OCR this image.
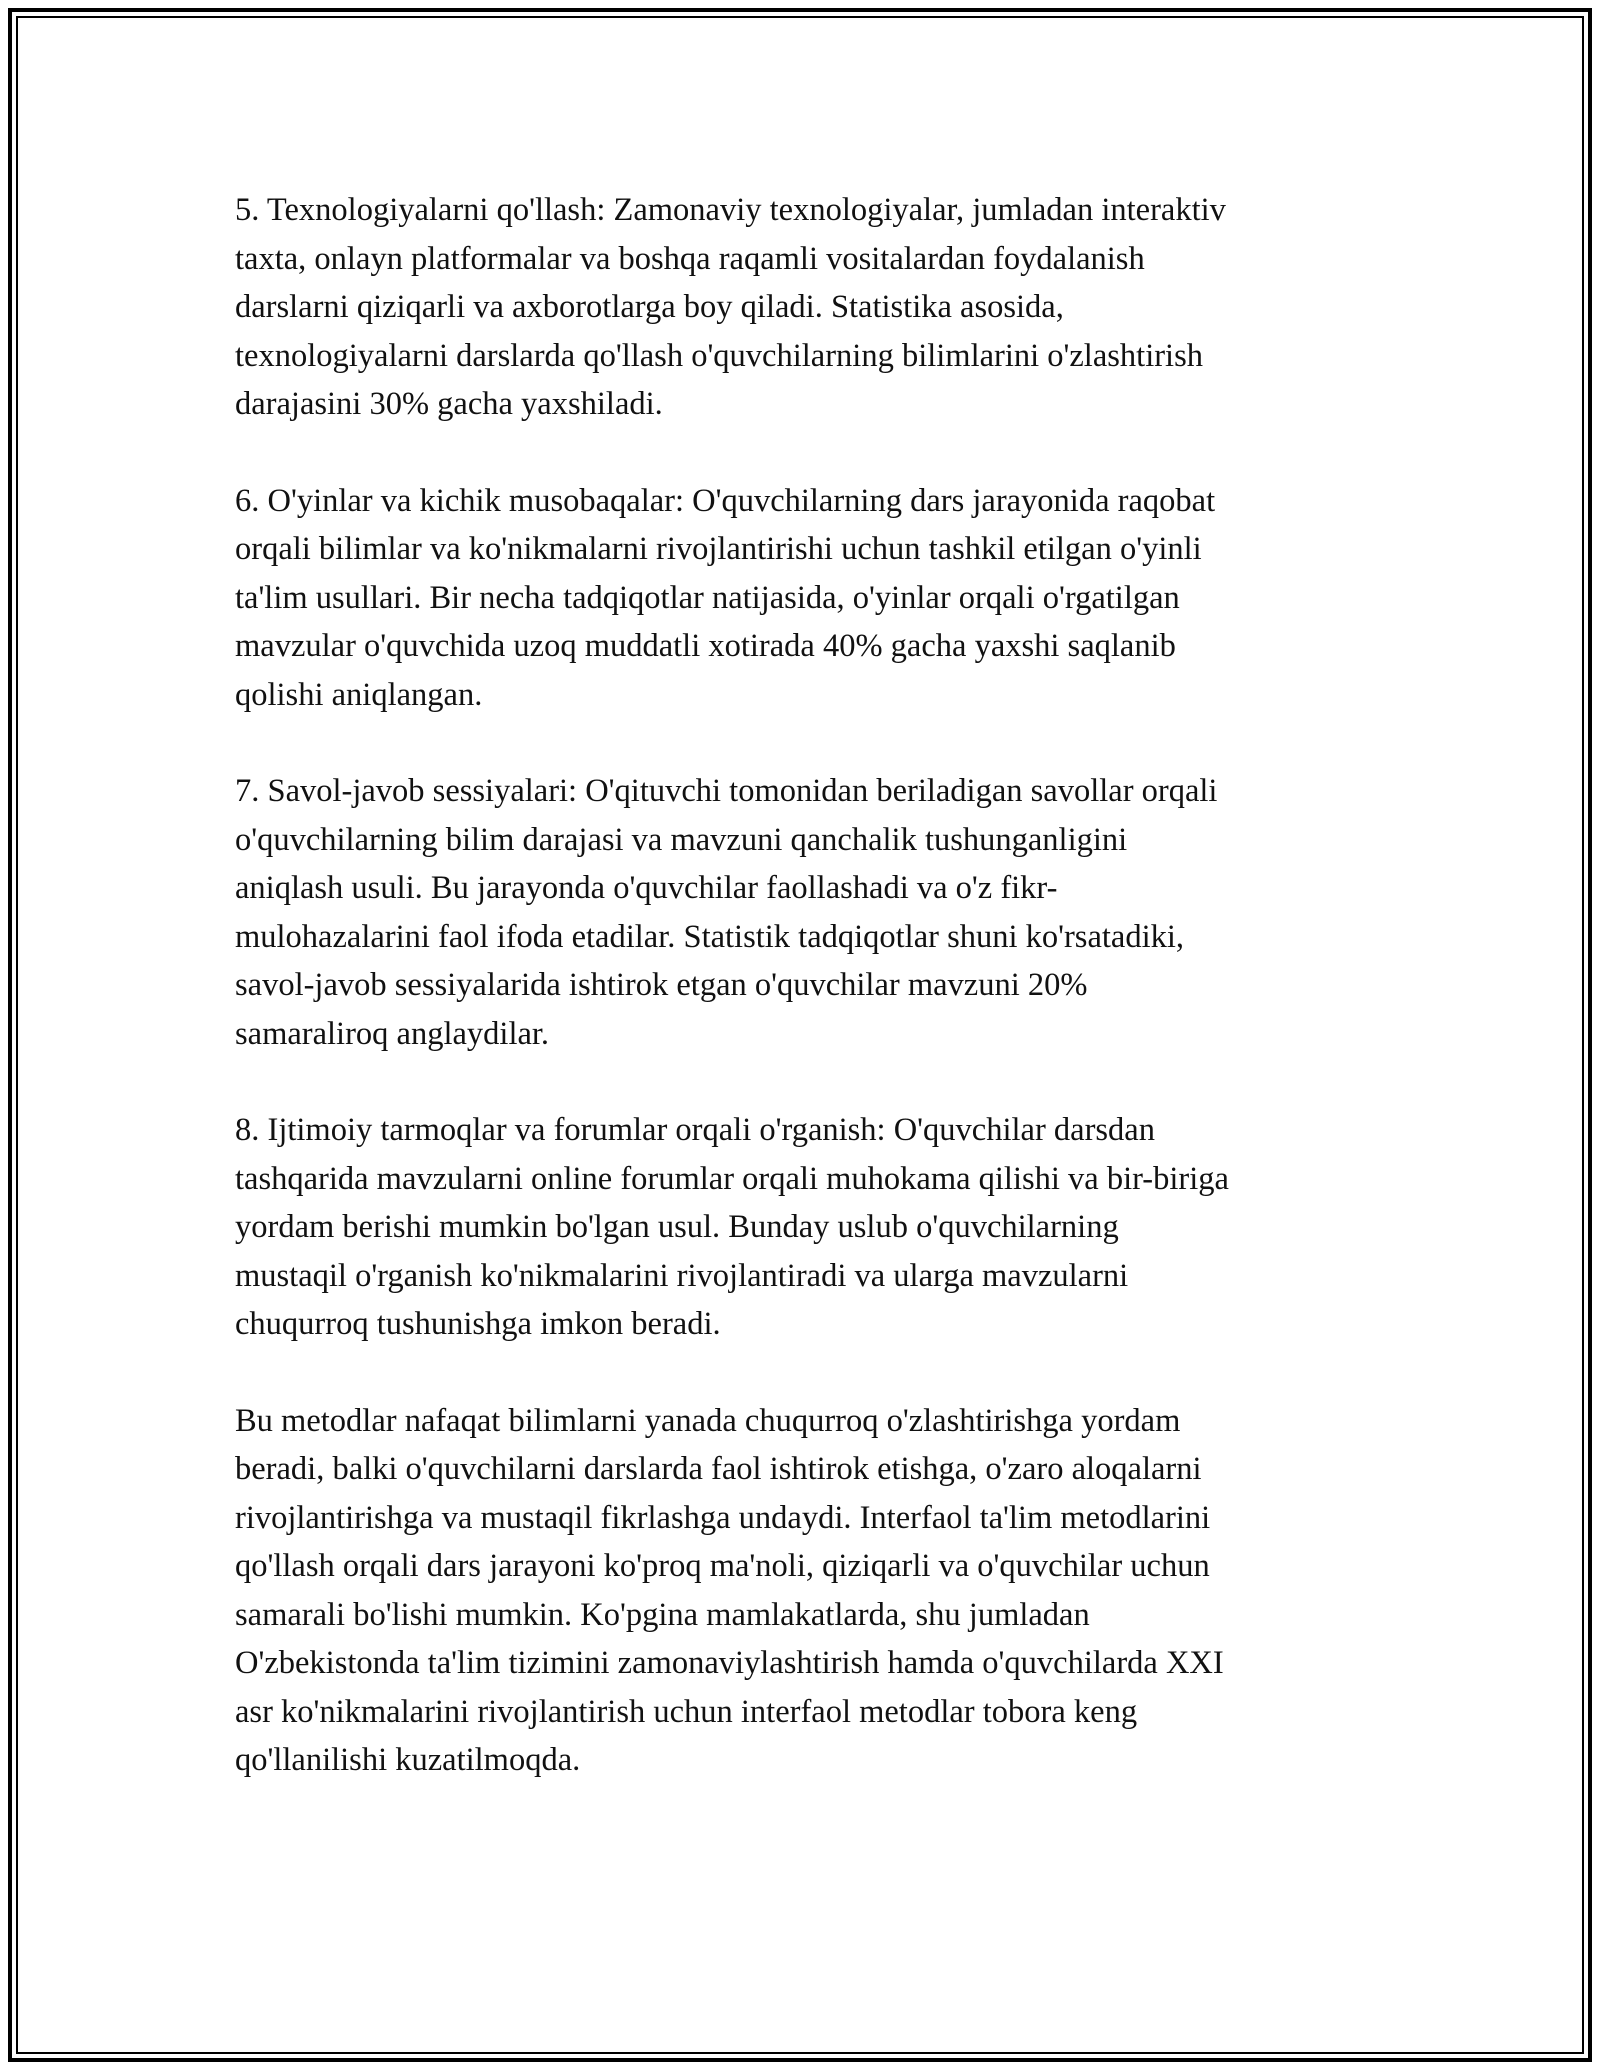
5. Texnologiyalarni qo'llash: Zamonaviy texnologiyalar, jumladan interaktiv
taxta, onlayn platformalar va boshqa raqamli vositalardan foydalanish
darslarni qiziqarli va axborotlarga boy qiladi. Statistika asosida,
texnologiyalarni darslarda qo'llash o'quvchilarning bilimlarini o'zlashtirish
darajasini 30% gacha yaxshiladi.

6. O'yinlar va kichik musobaqalar: O'quvchilarning dars jarayonida raqobat
orqali bilimlar va ko'nikmalarni rivojlantirishi uchun tashkil etilgan o'yinli
ta'lim usullari. Bir necha tadqiqotlar natijasida, o'yinlar orqali o'rgatilgan
mavzular o'quvchida uzoq muddatli xotirada 40% gacha yaxshi saqlanib
qolishi aniqlangan.

7. Savol-javob sessiyalari: O'qituvchi tomonidan beriladigan savollar orqali
o'quvchilarning bilim darajasi va mavzuni qanchalik tushunganligini
aniqlash usuli. Bu jarayonda o'quvchilar faollashadi va o'z fikr-
mulohazalarini faol ifoda etadilar. Statistik tadqiqotlar shuni ko'rsatadiki,
savol-javob sessiyalarida ishtirok etgan o'quvchilar mavzuni 20%
samaraliroq anglaydilar.

8. Ijtimoiy tarmoqlar va forumlar orqali o'rganish: O'quvchilar darsdan
tashqarida mavzularni online forumlar orqali muhokama qilishi va bir-biriga
yordam berishi mumkin bo'lgan usul. Bunday uslub o'quvchilarning
mustaqil o'rganish ko'nikmalarini rivojlantiradi va ularga mavzularni
chuqurroq tushunishga imkon beradi.

Bu metodlar nafaqat bilimlarni yanada chuqurroq o'zlashtirishga yordam
beradi, balki o'quvchilarni darslarda faol ishtirok etishga, o'zaro aloqalarni
rivojlantirishga va mustaqil fikrlashga undaydi. Interfaol ta'lim metodlarini
qo'llash orqali dars jarayoni ko'proq ma'noli, qiziqarli va o'quvchilar uchun
samarali bo'lishi mumkin. Ko'pgina mamlakatlarda, shu jumladan
O'zbekistonda ta'lim tizimini zamonaviylashtirish hamda o'quvchilarda XXI
asr ko'nikmalarini rivojlantirish uchun interfaol metodlar tobora keng
qo'llanilishi kuzatilmoqda.
